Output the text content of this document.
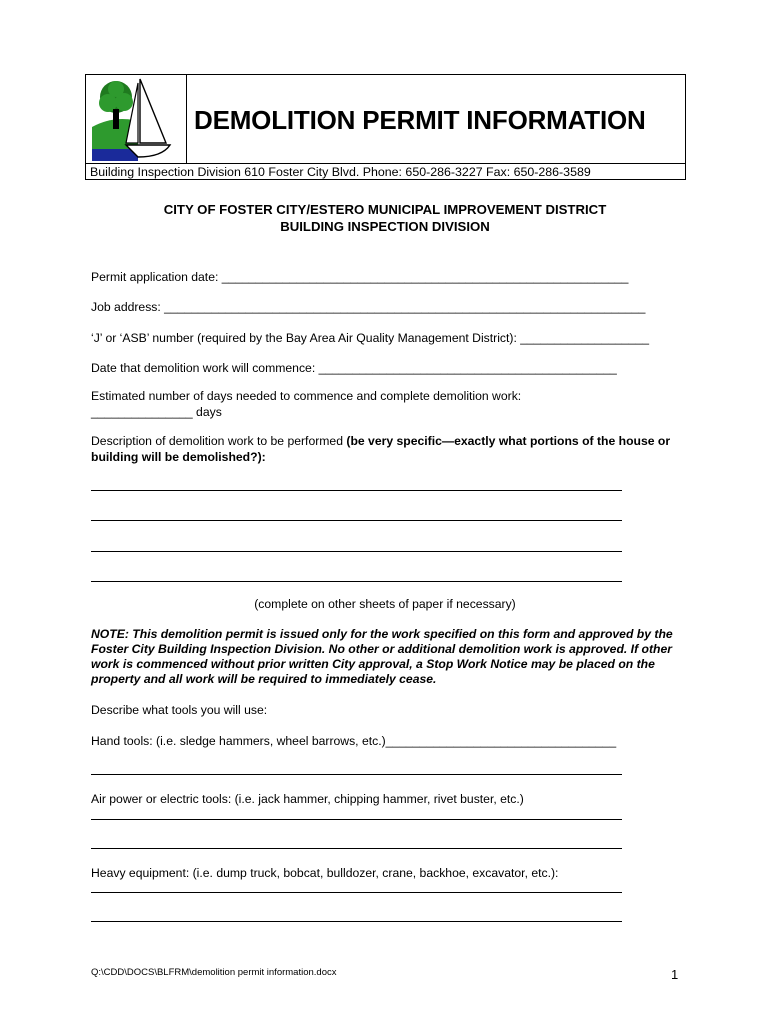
DEMOLITION PERMIT INFORMATION
Building Inspection Division 610 Foster City Blvd. Phone: 650-286-3227 Fax: 650-286-3589
CITY OF FOSTER CITY/ESTERO MUNICIPAL IMPROVEMENT DISTRICT
BUILDING INSPECTION DIVISION
Permit application date: ____________________________________________________________
Job address: _______________________________________________________________________
‘J’ or ‘ASB’ number (required by the Bay Area Air Quality Management District): ___________________
Date that demolition work will commence: ____________________________________________
Estimated number of days needed to commence and complete demolition work:
_______________ days
Description of demolition work to be performed (be very specific—exactly what portions of the house or building will be demolished?):
(complete on other sheets of paper if necessary)
NOTE: This demolition permit is issued only for the work specified on this form and approved by the Foster City Building Inspection Division. No other or additional demolition work is approved. If other work is commenced without prior written City approval, a Stop Work Notice may be placed on the property and all work will be required to immediately cease.
Describe what tools you will use:
Hand tools: (i.e. sledge hammers, wheel barrows, etc.)__________________________________
Air power or electric tools: (i.e. jack hammer, chipping hammer, rivet buster, etc.)
Heavy equipment: (i.e. dump truck, bobcat, bulldozer, crane, backhoe, excavator, etc.):
Q:\CDD\DOCS\BLFRM\demolition permit information.docx	1
